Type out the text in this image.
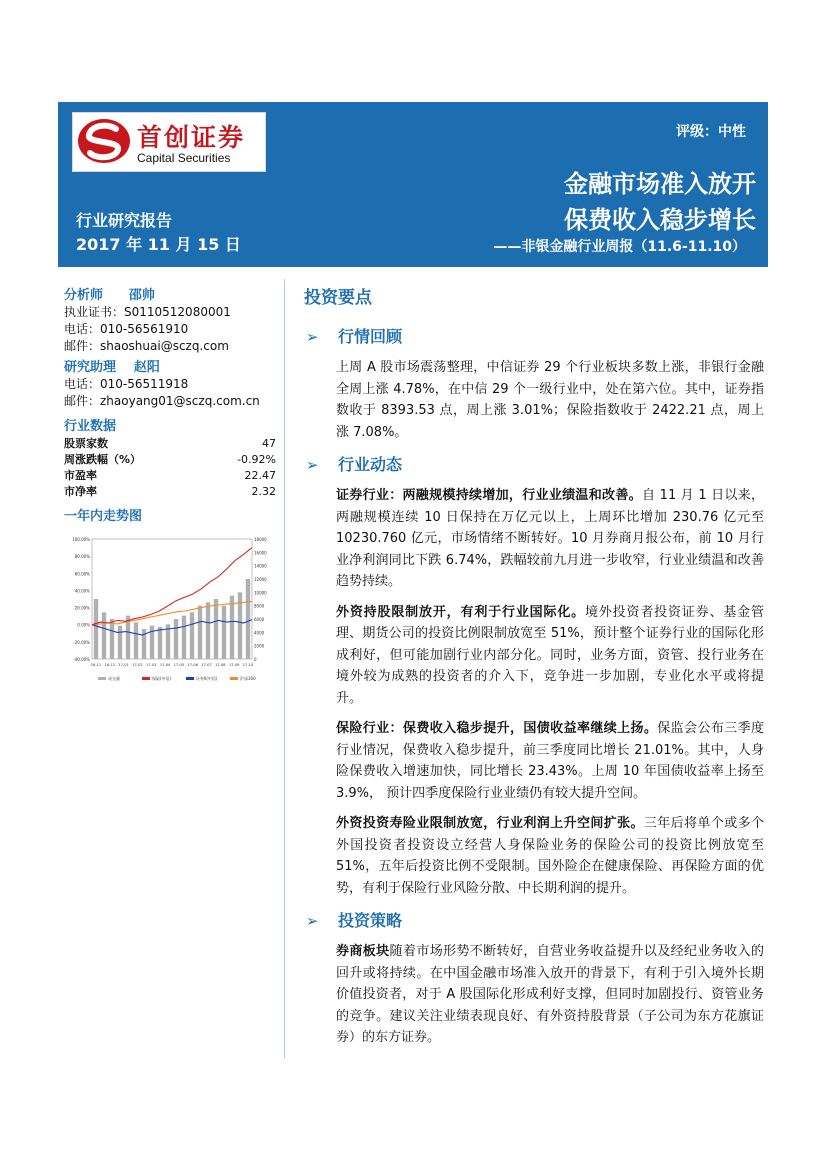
首创证券
Capital Securities
评级：中性
金融市场准入放开
保费收入稳步增长
行业研究报告
2017 年 11 月 15 日	——非银金融行业周报（11.6-11.10）
分析师 邵帅
执业证书：S0110512080001
电话：010-56561910
邮件：shaoshuai@sczq.com
研究助理 赵阳
电话：010-56511918
邮件：zhaoyang01@sczq.com.cn
行业数据
股票家数	47
周涨跌幅（%）	-0.92%
市盈率	22.47
市净率	2.32
一年内走势图
100.00%
80.00%
60.00%
40.00%
20.00%
0.00%
-20.00%
-40.00%
18000
16000
14000
12000
10000
8000
6000
4000
2000
0
16-11 16-12 17-01 17-02 17-03 17-04 17-05 17-06 17-07 17-08 17-09 17-10
成交量	保险(中信)	证券II(中信)	沪深300
投资要点
➢ 行情回顾
上周 A 股市场震荡整理，中信证券 29 个行业板块多数上涨，非银行金融全周上涨 4.78%，在中信 29 个一级行业中，处在第六位。其中，证券指数收于 8393.53 点，周上涨 3.01%；保险指数收于 2422.21 点，周上涨 7.08%。
➢ 行业动态
证券行业：两融规模持续增加，行业业绩温和改善。自 11 月 1 日以来，两融规模连续 10 日保持在万亿元以上，上周环比增加 230.76 亿元至 10230.760 亿元，市场情绪不断转好。10 月券商月报公布，前 10 月行业净利润同比下跌 6.74%，跌幅较前九月进一步收窄，行业业绩温和改善趋势持续。
外资持股限制放开，有利于行业国际化。境外投资者投资证券、基金管理、期货公司的投资比例限制放宽至 51%，预计整个证券行业的国际化形成利好，但可能加剧行业内部分化。同时，业务方面，资管、投行业务在境外较为成熟的投资者的介入下，竞争进一步加剧，专业化水平或将提升。
保险行业：保费收入稳步提升，国债收益率继续上扬。保监会公布三季度行业情况，保费收入稳步提升，前三季度同比增长 21.01%。其中，人身险保费收入增速加快，同比增长 23.43%。上周 10 年国债收益率上扬至 3.9%， 预计四季度保险行业业绩仍有较大提升空间。
外资投资寿险业限制放宽，行业利润上升空间扩张。三年后将单个或多个外国投资者投资设立经营人身保险业务的保险公司的投资比例放宽至 51%，五年后投资比例不受限制。国外险企在健康保险、再保险方面的优势，有利于保险行业风险分散、中长期利润的提升。
➢ 投资策略
券商板块随着市场形势不断转好，自营业务收益提升以及经纪业务收入的回升或将持续。在中国金融市场准入放开的背景下，有利于引入境外长期价值投资者，对于 A 股国际化形成利好支撑，但同时加剧投行、资管业务的竞争。建议关注业绩表现良好、有外资持股背景（子公司为东方花旗证券）的东方证券。
